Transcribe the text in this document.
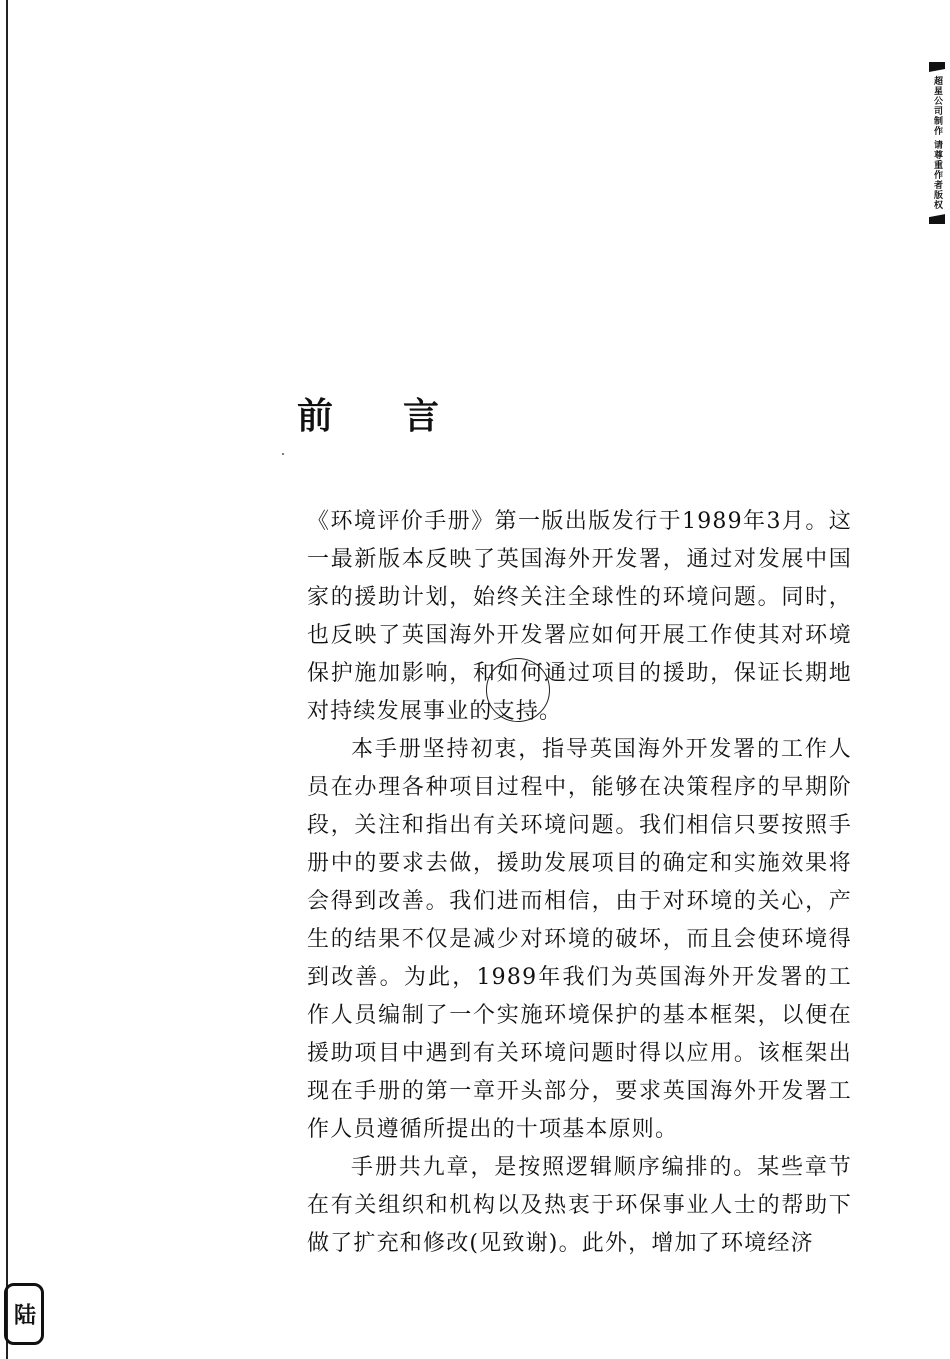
超星公司制作 请尊重作者版权
前言

《环境评价手册》第一版出版发行于1989年3月。这一最新版本反映了英国海外开发署，通过对发展中国家的援助计划，始终关注全球性的环境问题。同时，也反映了英国海外开发署应如何开展工作使其对环境保护施加影响，和如何通过项目的援助，保证长期地对持续发展事业的支持。

本手册坚持初衷，指导英国海外开发署的工作人员在办理各种项目过程中，能够在决策程序的早期阶段，关注和指出有关环境问题。我们相信只要按照手册中的要求去做，援助发展项目的确定和实施效果将会得到改善。我们进而相信，由于对环境的关心，产生的结果不仅是减少对环境的破坏，而且会使环境得到改善。为此，1989年我们为英国海外开发署的工作人员编制了一个实施环境保护的基本框架，以便在援助项目中遇到有关环境问题时得以应用。该框架出现在手册的第一章开头部分，要求英国海外开发署工作人员遵循所提出的十项基本原则。

手册共九章，是按照逻辑顺序编排的。某些章节在有关组织和机构以及热衷于环保事业人士的帮助下做了扩充和修改(见致谢)。此外，增加了环境经济

陆
